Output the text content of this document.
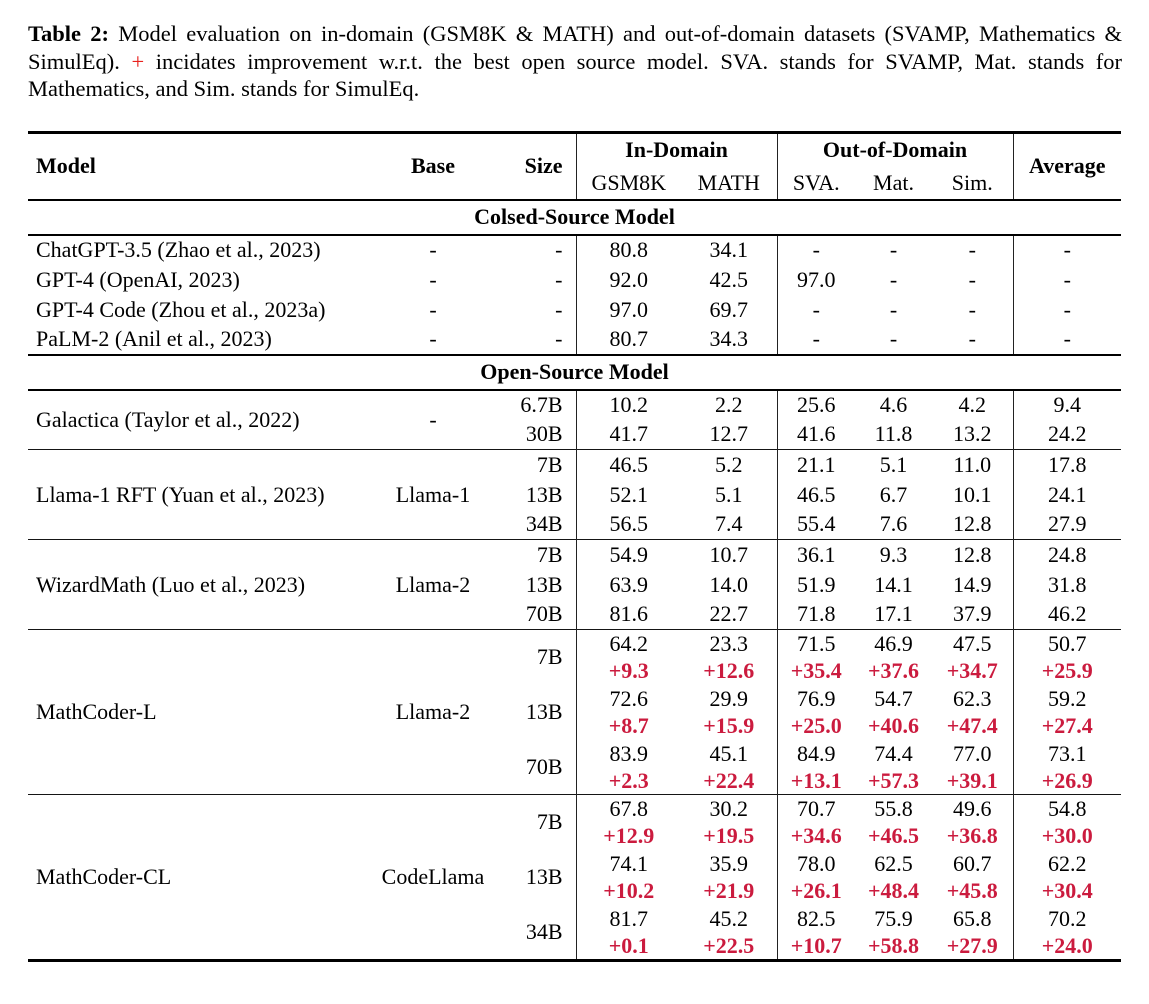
Table 2: Model evaluation on in-domain (GSM8K & MATH) and out-of-domain datasets (SVAMP, Mathematics & SimulEq). + incidates improvement w.r.t. the best open source model. SVA. stands for SVAMP, Mat. stands for Mathematics, and Sim. stands for SimulEq.
Model	Base	Size	In-Domain		Out-of-Domain			Average
			GSM8K	MATH	SVA.	Mat.	Sim.	
Colsed-Source Model								
ChatGPT-3.5 (Zhao et al., 2023)	-	-	80.8	34.1	-	-	-	-
GPT-4 (OpenAI, 2023)	-	-	92.0	42.5	97.0	-	-	-
GPT-4 Code (Zhou et al., 2023a)	-	-	97.0	69.7	-	-	-	-
PaLM-2 (Anil et al., 2023)	-	-	80.7	34.3	-	-	-	-
Open-Source Model								
Galactica (Taylor et al., 2022)	-	6.7B	10.2	2.2	25.6	4.6	4.2	9.4
		30B	41.7	12.7	41.6	11.8	13.2	24.2
Llama-1 RFT (Yuan et al., 2023)	Llama-1	7B	46.5	5.2	21.1	5.1	11.0	17.8
		13B	52.1	5.1	46.5	6.7	10.1	24.1
		34B	56.5	7.4	55.4	7.6	12.8	27.9
WizardMath (Luo et al., 2023)	Llama-2	7B	54.9	10.7	36.1	9.3	12.8	24.8
		13B	63.9	14.0	51.9	14.1	14.9	31.8
		70B	81.6	22.7	71.8	17.1	37.9	46.2
MathCoder-L	Llama-2	7B	64.2	23.3	71.5	46.9	47.5	50.7
			+9.3	+12.6	+35.4	+37.6	+34.7	+25.9
		13B	72.6	29.9	76.9	54.7	62.3	59.2
			+8.7	+15.9	+25.0	+40.6	+47.4	+27.4
		70B	83.9	45.1	84.9	74.4	77.0	73.1
			+2.3	+22.4	+13.1	+57.3	+39.1	+26.9
MathCoder-CL	CodeLlama	7B	67.8	30.2	70.7	55.8	49.6	54.8
			+12.9	+19.5	+34.6	+46.5	+36.8	+30.0
		13B	74.1	35.9	78.0	62.5	60.7	62.2
			+10.2	+21.9	+26.1	+48.4	+45.8	+30.4
		34B	81.7	45.2	82.5	75.9	65.8	70.2
			+0.1	+22.5	+10.7	+58.8	+27.9	+24.0
